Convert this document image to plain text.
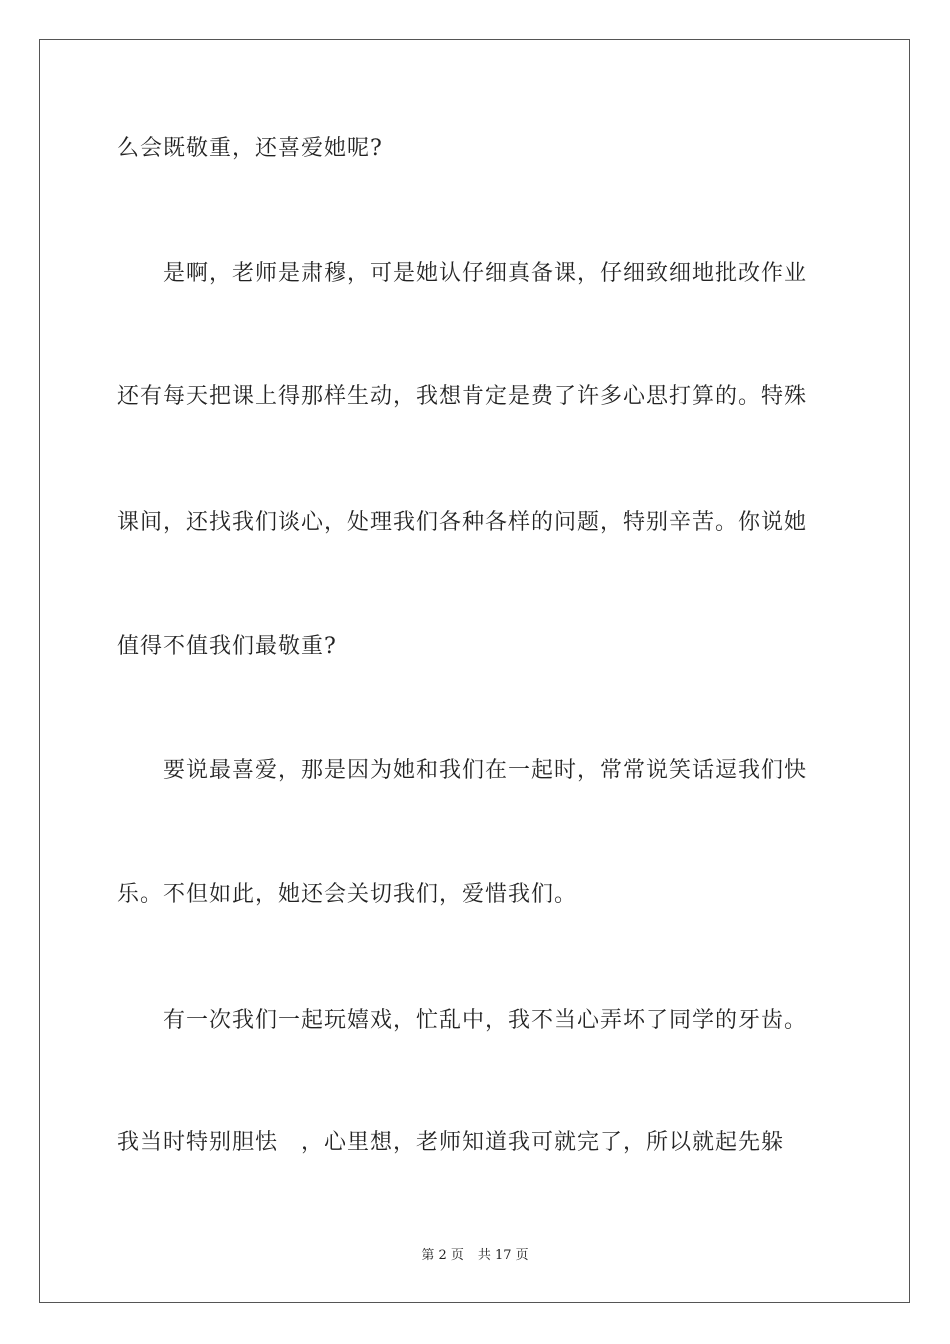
么会既敬重，还喜爱她呢?
　　是啊，老师是肃穆，可是她认仔细真备课，仔细致细地批改作业
还有每天把课上得那样生动，我想肯定是费了许多心思打算的。特殊
课间，还找我们谈心，处理我们各种各样的问题，特别辛苦。你说她
值得不值我们最敬重?
　　要说最喜爱，那是因为她和我们在一起时，常常说笑话逗我们快
乐。不但如此，她还会关切我们，爱惜我们。
　　有一次我们一起玩嬉戏，忙乱中，我不当心弄坏了同学的牙齿。
我当时特别胆怯　，心里想，老师知道我可就完了，所以就起先躲
第 2 页 共 17 页
